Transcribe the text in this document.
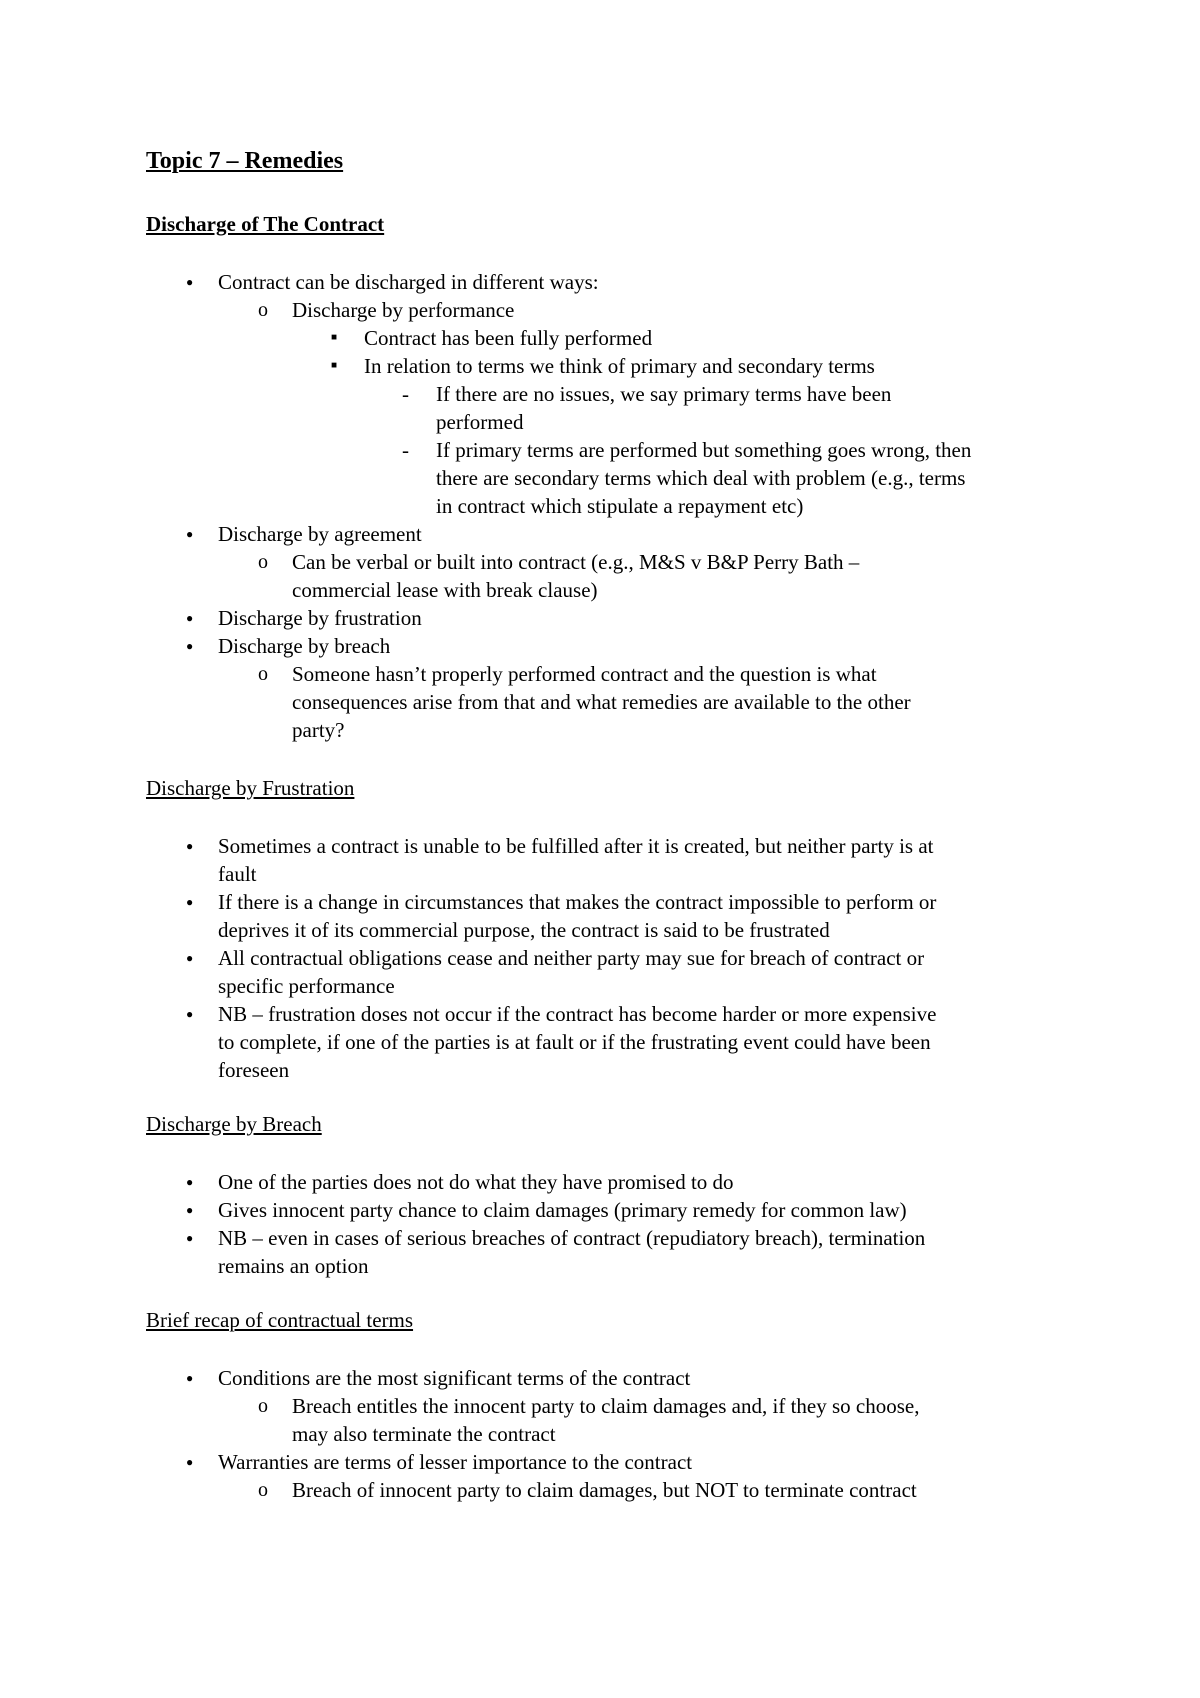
Topic 7 – Remedies
Discharge of The Contract
● Contract can be discharged in different ways:
o Discharge by performance
■ Contract has been fully performed
■ In relation to terms we think of primary and secondary terms
- If there are no issues, we say primary terms have been
performed
- If primary terms are performed but something goes wrong, then
there are secondary terms which deal with problem (e.g., terms
in contract which stipulate a repayment etc)
● Discharge by agreement
o Can be verbal or built into contract (e.g., M&S v B&P Perry Bath –
commercial lease with break clause)
● Discharge by frustration
● Discharge by breach
o Someone hasn’t properly performed contract and the question is what
consequences arise from that and what remedies are available to the other
party?
Discharge by Frustration
● Sometimes a contract is unable to be fulfilled after it is created, but neither party is at
fault
● If there is a change in circumstances that makes the contract impossible to perform or
deprives it of its commercial purpose, the contract is said to be frustrated
● All contractual obligations cease and neither party may sue for breach of contract or
specific performance
● NB – frustration doses not occur if the contract has become harder or more expensive
to complete, if one of the parties is at fault or if the frustrating event could have been
foreseen
Discharge by Breach
● One of the parties does not do what they have promised to do
● Gives innocent party chance to claim damages (primary remedy for common law)
● NB – even in cases of serious breaches of contract (repudiatory breach), termination
remains an option
Brief recap of contractual terms
● Conditions are the most significant terms of the contract
o Breach entitles the innocent party to claim damages and, if they so choose,
may also terminate the contract
● Warranties are terms of lesser importance to the contract
o Breach of innocent party to claim damages, but NOT to terminate contract
